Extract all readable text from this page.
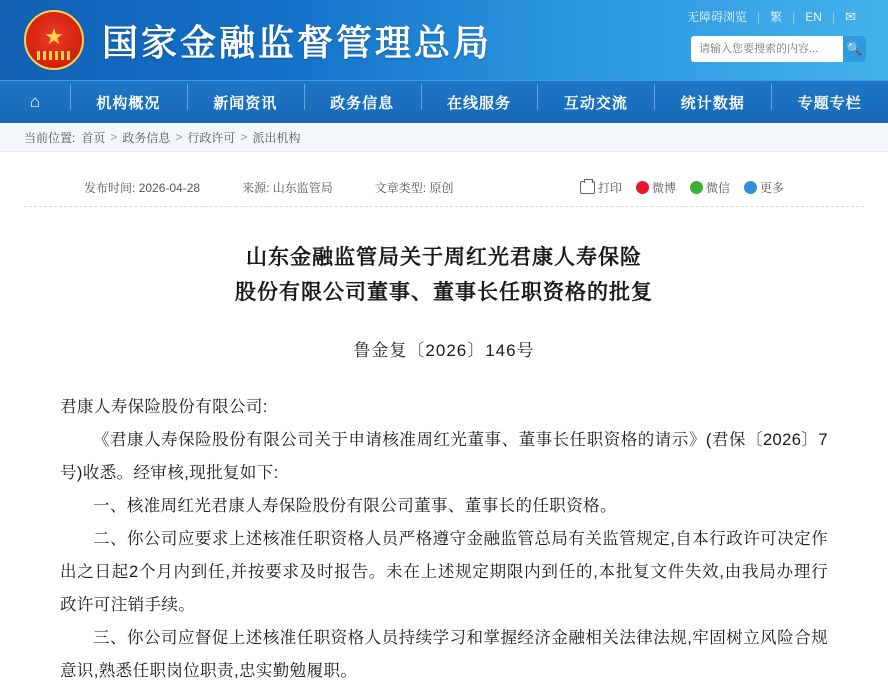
★ 国家金融监督管理总局
无障碍浏览 | 繁 | EN | ✉
请输入您要搜索的内容...
🔍
⌂	机构概况	新闻资讯	政务信息	在线服务	互动交流	统计数据	专题专栏
当前位置: 首页 > 政务信息 > 行政许可 > 派出机构
发布时间: 2026-04-28	来源: 山东监管局	文章类型: 原创	打印	微博	微信	更多
山东金融监管局关于周红光君康人寿保险
股份有限公司董事、董事长任职资格的批复
鲁金复〔2026〕146号

君康人寿保险股份有限公司:

《君康人寿保险股份有限公司关于申请核准周红光董事、董事长任职资格的请示》(君保〔2026〕7号)收悉。经审核,现批复如下:

一、核准周红光君康人寿保险股份有限公司董事、董事长的任职资格。

二、你公司应要求上述核准任职资格人员严格遵守金融监管总局有关监管规定,自本行政许可决定作出之日起2个月内到任,并按要求及时报告。未在上述规定期限内到任的,本批复文件失效,由我局办理行政许可注销手续。

三、你公司应督促上述核准任职资格人员持续学习和掌握经济金融相关法律法规,牢固树立风险合规意识,熟悉任职岗位职责,忠实勤勉履职。
